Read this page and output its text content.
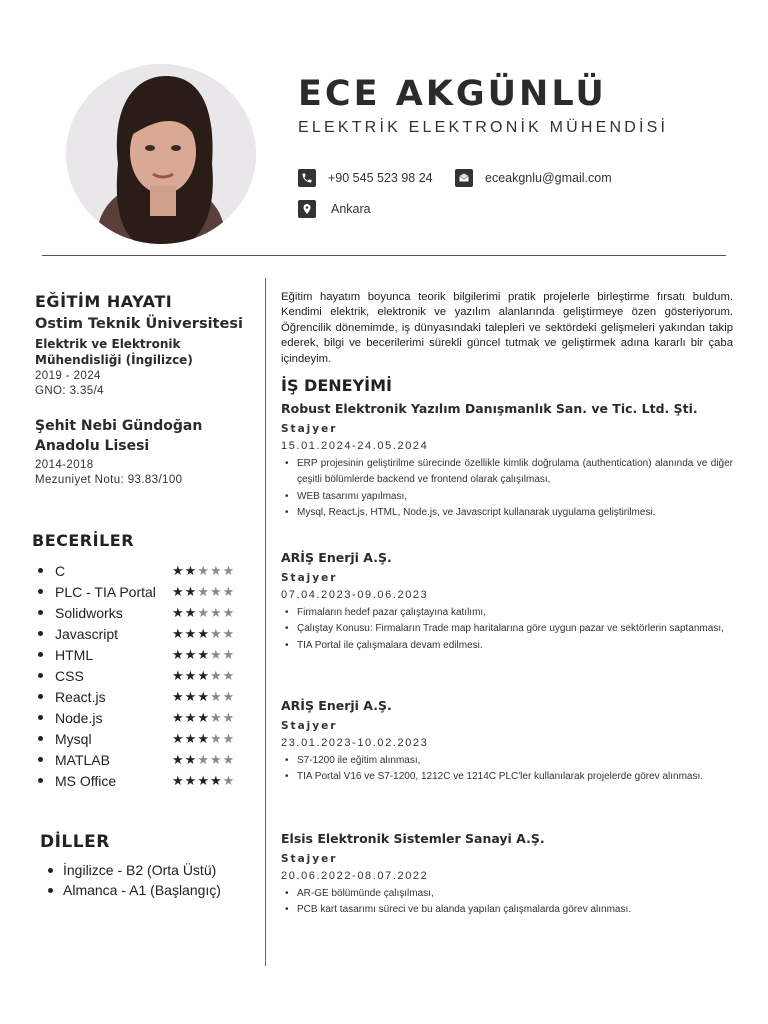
ECE AKGÜNLÜ
ELEKTRİK ELEKTRONİK MÜHENDİSİ
+90 545 523 98 24	eceakgnlu@gmail.com
Ankara
EĞİTİM HAYATI
Ostim Teknik Üniversitesi
Elektrik ve Elektronik Mühendisliği (İngilizce)
2019 - 2024
GNO: 3.35/4
Şehit Nebi Gündoğan Anadolu Lisesi
2014-2018
Mezuniyet Notu: 93.83/100
BECERİLER
C	★★★★★
PLC - TIA Portal	★★★★★
Solidworks	★★★★★
Javascript	★★★★★
HTML	★★★★★
CSS	★★★★★
React.js	★★★★★
Node.js	★★★★★
Mysql	★★★★★
MATLAB	★★★★★
MS Office	★★★★★
DİLLER
İngilizce - B2 (Orta Üstü)
Almanca - A1 (Başlangıç)
Eğitim hayatım boyunca teorik bilgilerimi pratik projelerle birleştirme fırsatı buldum. Kendimi elektrik, elektronik ve yazılım alanlarında geliştirmeye özen gösteriyorum. Öğrencilik dönemimde, iş dünyasındaki talepleri ve sektördeki gelişmeleri yakından takip ederek, bilgi ve becerilerimi sürekli güncel tutmak ve geliştirmek adına kararlı bir çaba içindeyim.
İŞ DENEYİMİ
Robust Elektronik Yazılım Danışmanlık San. ve Tic. Ltd. Şti.
Stajyer
15.01.2024-24.05.2024
• ERP projesinin geliştirilme sürecinde özellikle kimlik doğrulama (authentication) alanında ve diğer çeşitli bölümlerde backend ve frontend olarak çalışılması,
• WEB tasarımı yapılması,
• Mysql, React.js, HTML, Node.js, ve Javascript kullanarak uygulama geliştirilmesi.
ARİŞ Enerji A.Ş.
Stajyer
07.04.2023-09.06.2023
• Firmaların hedef pazar çalıştayına katılımı,
• Çalıştay Konusu: Firmaların Trade map haritalarına göre uygun pazar ve sektörlerin saptanması,
• TIA Portal ile çalışmalara devam edilmesi.
ARİŞ Enerji A.Ş.
Stajyer
23.01.2023-10.02.2023
• S7-1200 ile eğitim alınması,
• TIA Portal V16 ve S7-1200, 1212C ve 1214C PLC'ler kullanılarak projelerde görev alınması.
Elsis Elektronik Sistemler Sanayi A.Ş.
Stajyer
20.06.2022-08.07.2022
• AR-GE bölümünde çalışılması,
• PCB kart tasarımı süreci ve bu alanda yapılan çalışmalarda görev alınması.
